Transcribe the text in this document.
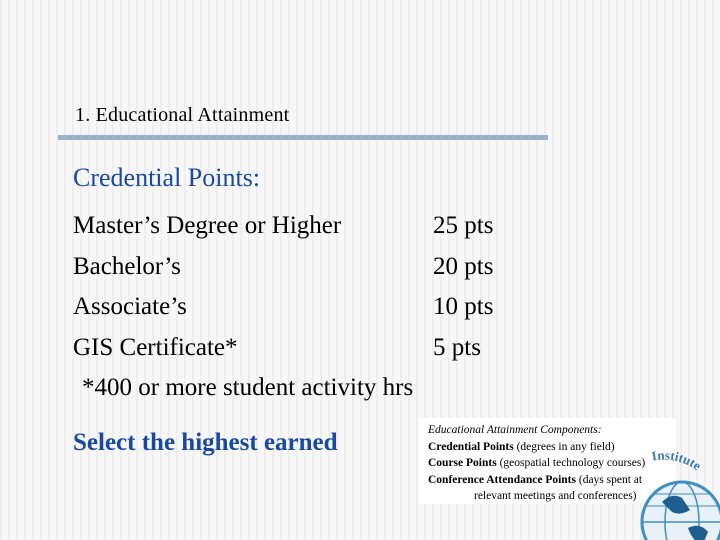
1. Educational Attainment
Credential Points:
Master’s Degree or Higher	25 pts
Bachelor’s	20 pts
Associate’s	10 pts
GIS Certificate*	5 pts
*400 or more student activity hrs
Select the highest earned	Educational Attainment Components:
Credential Points (degrees in any field)
Course Points (geospatial technology courses)
Conference Attendance Points (days spent at
relevant meetings and conferences)
Institute
